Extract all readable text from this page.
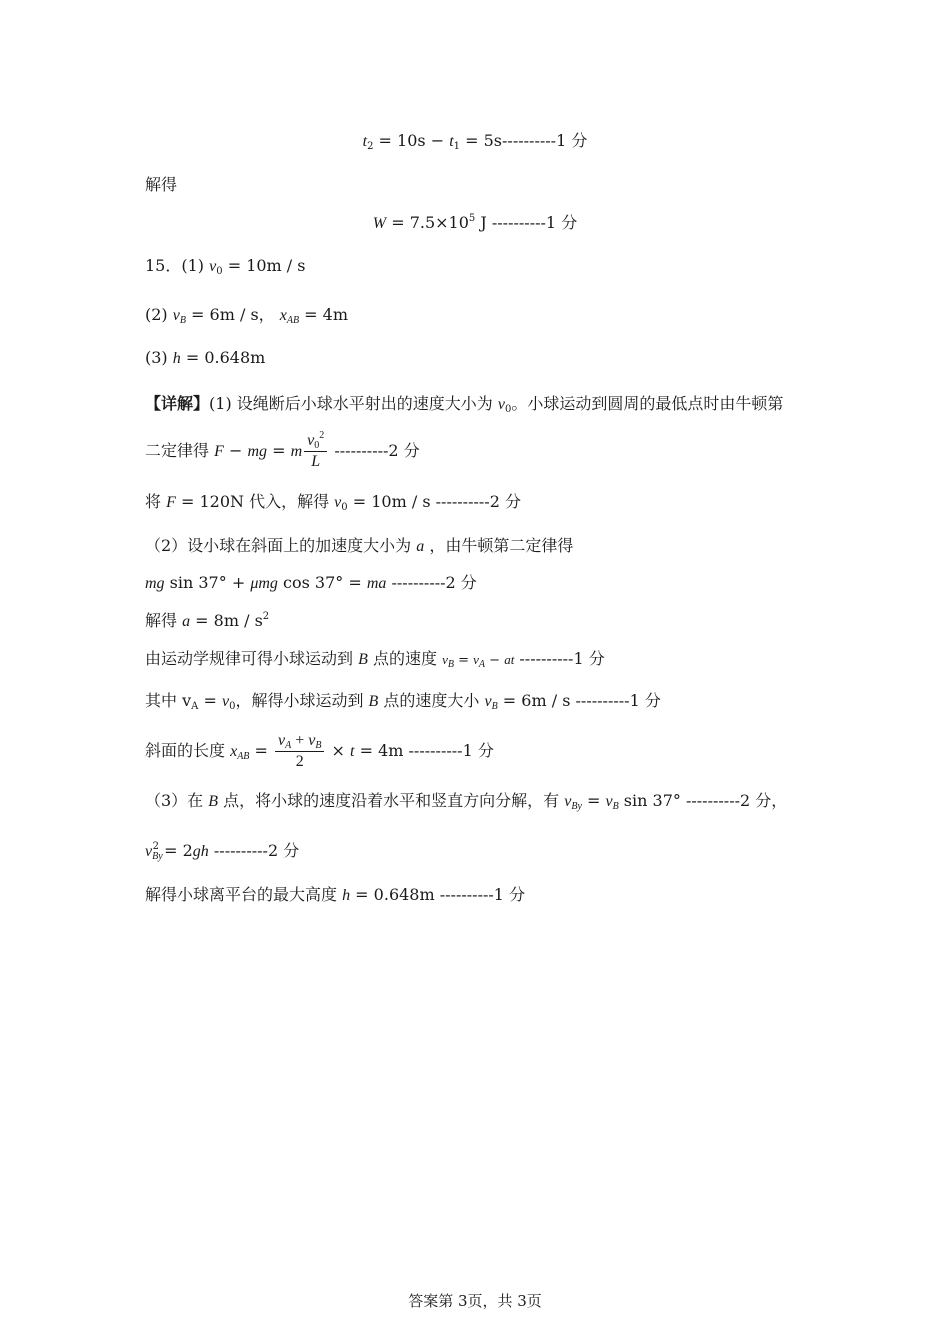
$t_2 = 10s - t_1 = 5s----------1$ 分
解得
$W = 7.5\times 10^5$ J ----------1 分
15．(1) $v_0 = 10m / s$
(2) $v_B = 6m / s$， $x_{AB} = 4m$
(3) h = 0.648m
【详解】(1) 设绳断后小球水平射出的速度大小为 $v_0$。小球运动到圆周的最低点时由牛顿第
二定律得 F − mg = m $\frac{v_0^2}{L} ----------2$ 分
将 F = 120N 代入，解得 $v_0 = 10m / s$ ----------2 分
（2）设小球在斜面上的加速度大小为 a ，由牛顿第二定律得
mg sin 37° + μmg cos 37° = ma ----------2 分
解得 $a = 8m / s^2$
由运动学规律可得小球运动到 B 点的速度 $v_B = v_A$ − at ----------1 分
其中 $v_A = v_0$，解得小球运动到 B 点的速度大小 $v_B = 6m / s$ ----------1 分
斜面的长度 $x_{AB} = \frac{v_A + v_B}{2} \times t = 4m$ ----------1 分
（3）在 B 点，将小球的速度沿着水平和竖直方向分解，有 $v_{By} = v_B$ sin 37° ----------2 分，
$v_{By}^2 = 2gh$ ----------2 分
解得小球离平台的最大高度 h = 0.648m ----------1 分
答案第 3页，共 3页
